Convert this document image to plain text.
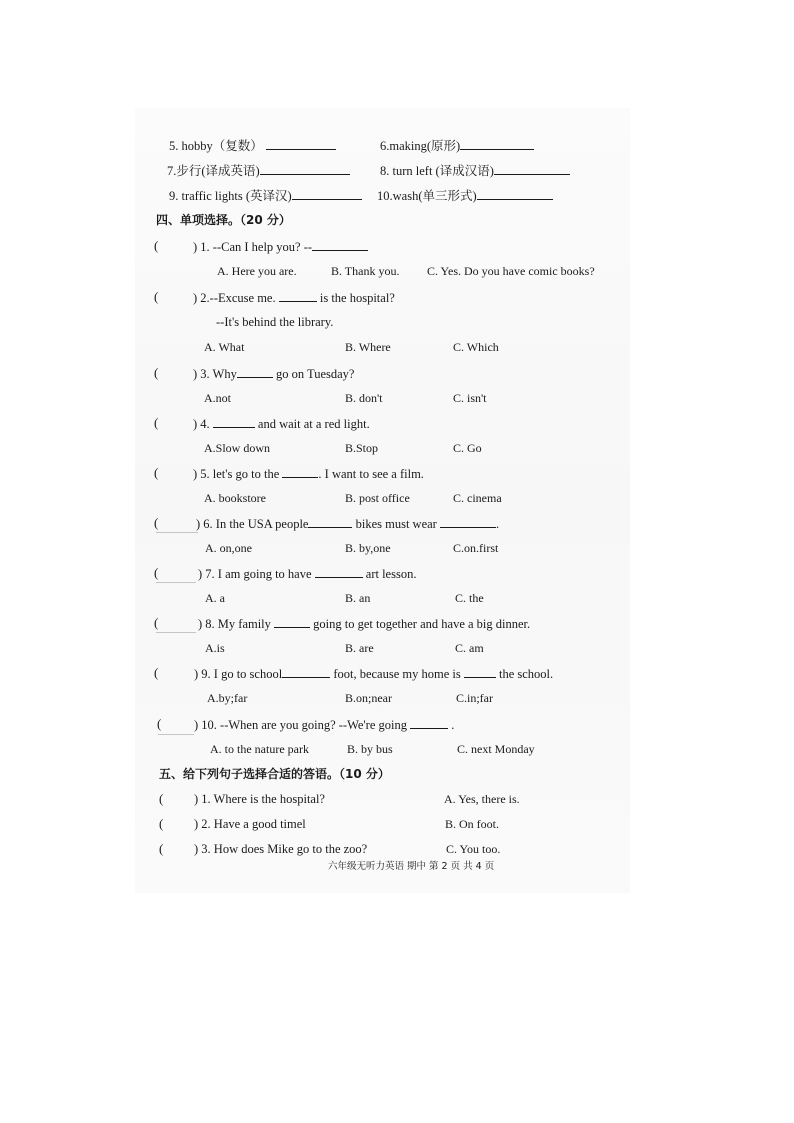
5. hobby（复数）	6.making(原形)
7.步行(译成英语)	8. turn left (译成汉语)
9. traffic lights (英译汉)	10.wash(单三形式)
四、单项选择。（20 分）
(	) 1. --Can I help you? --
A. Here you are.	B. Thank you. C. Yes. Do you have comic books?
(	) 2.--Excuse me.	is the hospital?
--It's behind the library.
A. What	B. Where	C. Which
(	) 3. Why	go on Tuesday?
A.not	B. don't	C. isn't
(	) 4.	and wait at a red light.
A.Slow down	B.Stop	C. Go
(	) 5. let's go to the	. I want to see a film.
A. bookstore	B. post office	C. cinema
(	) 6. In the USA people	bikes must wear	.
A. on,one	B. by,one	C.on.first
(	) 7. I am going to have	art lesson.
A. a	B. an	C. the
(	) 8. My family	going to get together and have a big dinner.
A.is	B. are	C. am
(	) 9. I go to school	foot, because my home is	the school.
A.by;far	B.on;near	C.in;far
(	) 10. --When are you going? --We're going	.
A. to the nature park	B. by bus	C. next Monday
五、给下列句子选择合适的答语。（10 分）
( ) 1. Where is the hospital?	A. Yes, there is.
( ) 2. Have a good timel	B. On foot.
( ) 3. How does Mike go to the zoo?	C. You too.
六年级无听力英语 期中 第 2 页 共 4 页
